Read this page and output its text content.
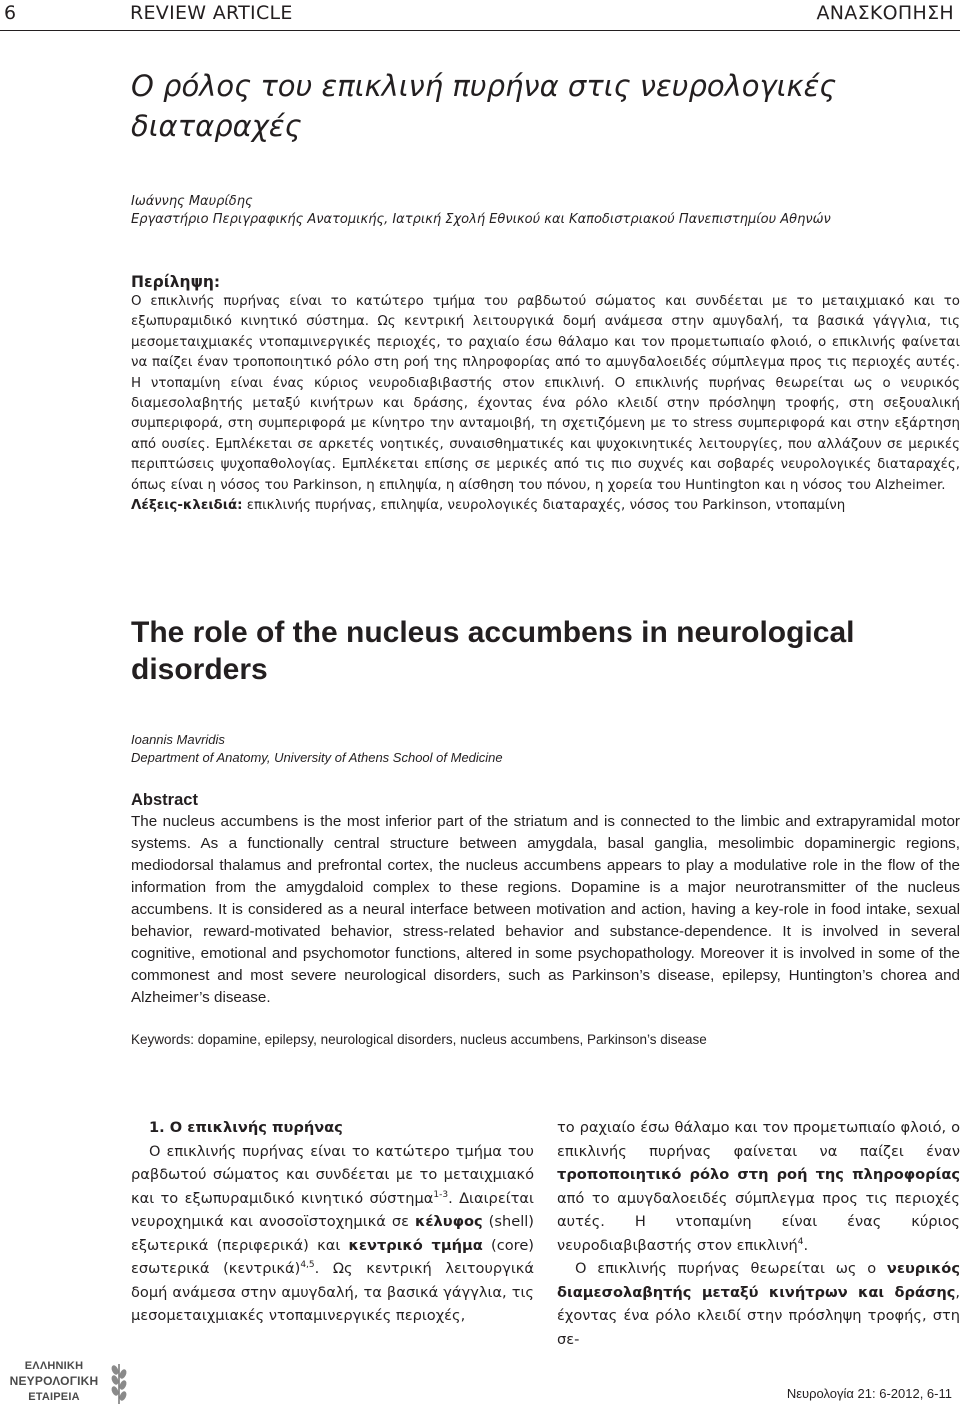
6	REVIEW ARTICLE	ΑΝΑΣΚΟΠΗΣΗ
Ο ρόλος του επικλινή πυρήνα στις νευρολογικές διαταραχές
Ιωάννης Μαυρίδης
Εργαστήριο Περιγραφικής Ανατομικής, Ιατρική Σχολή Εθνικού και Καποδιστριακού Πανεπιστημίου Αθηνών
Περίληψη:
Ο επικλινής πυρήνας είναι το κατώτερο τμήμα του ραβδωτού σώματος και συνδέεται με το μεταιχμιακό και το εξωπυραμιδικό κινητικό σύστημα. Ως κεντρική λειτουργικά δομή ανάμεσα στην αμυγδαλή, τα βασικά γάγγλια, τις μεσομεταιχμιακές ντοπαμινεργικές περιοχές, το ραχιαίο έσω θάλαμο και τον προμετωπιαίο φλοιό, ο επικλινής φαίνεται να παίζει έναν τροποποιητικό ρόλο στη ροή της πληροφορίας από το αμυγδαλοειδές σύμπλεγμα προς τις περιοχές αυτές. Η ντοπαμίνη είναι ένας κύριος νευροδιαβιβαστής στον επικλινή. Ο επικλινής πυρήνας θεωρείται ως ο νευρικός διαμεσολαβητής μεταξύ κινήτρων και δράσης, έχοντας ένα ρόλο κλειδί στην πρόσληψη τροφής, στη σεξουαλική συμπεριφορά, στη συμπεριφορά με κίνητρο την ανταμοιβή, τη σχετιζόμενη με το stress συμπεριφορά και στην εξάρτηση από ουσίες. Εμπλέκεται σε αρκετές νοητικές, συναισθηματικές και ψυχοκινητικές λειτουργίες, που αλλάζουν σε μερικές περιπτώσεις ψυχοπαθολογίας. Εμπλέκεται επίσης σε μερικές από τις πιο συχνές και σοβαρές νευρολογικές διαταραχές, όπως είναι η νόσος του Parkinson, η επιληψία, η αίσθηση του πόνου, η χορεία του Huntington και η νόσος του Alzheimer.
Λέξεις-κλειδιά: επικλινής πυρήνας, επιληψία, νευρολογικές διαταραχές, νόσος του Parkinson, ντοπαμίνη
The role of the nucleus accumbens in neurological disorders
Ioannis Mavridis
Department of Anatomy, University of Athens School of Medicine
Abstract
The nucleus accumbens is the most inferior part of the striatum and is connected to the limbic and extrapyramidal motor systems. As a functionally central structure between amygdala, basal ganglia, mesolimbic dopaminergic regions, mediodorsal thalamus and prefrontal cortex, the nucleus accumbens appears to play a modulative role in the flow of the information from the amygdaloid complex to these regions. Dopamine is a major neurotransmitter of the nucleus accumbens. It is considered as a neural interface between motivation and action, having a key-role in food intake, sexual behavior, reward-motivated behavior, stress-related behavior and substance-dependence. It is involved in several cognitive, emotional and psychomotor functions, altered in some psychopathology. Moreover it is involved in some of the commonest and most severe neurological disorders, such as Parkinson’s disease, epilepsy, Huntington’s chorea and Alzheimer’s disease.
Keywords: dopamine, epilepsy, neurological disorders, nucleus accumbens, Parkinson’s disease
1. Ο επικλινής πυρήνας

Ο επικλινής πυρήνας είναι το κατώτερο τμήμα του ραβδωτού σώματος και συνδέεται με το μεταιχμιακό και το εξωπυραμιδικό κινητικό σύστημα$^{1-3}$. Διαιρείται νευροχημικά και ανοσοϊστοχημικά σε κέλυφος (shell) εξωτερικά (περιφερικά) και κεντρικό τμήμα (core) εσωτερικά $(\kappa\varepsilon\nu\tau\rho\iota\kappa ά)^{4,5}$. Ως κεντρική λειτουργικά δομή ανάμεσα στην αμυγδαλή, τα βασικά γάγγλια, τις μεσομεταιχμιακές ντοπαμινεργικές περιοχές,

το ραχιαίο έσω θάλαμο και τον προμετωπιαίο φλοιό, ο επικλινής πυρήνας φαίνεται να παίζει έναν τροποποιητικό ρόλο στη ροή της πληροφορίας από το αμυγδαλοειδές σύμπλεγμα προς τις περιοχές αυτές. Η ντοπαμίνη είναι ένας κύριος νευροδιαβιβαστής στον επικλινή$^4$.

Ο επικλινής πυρήνας θεωρείται ως ο νευρικός διαμεσολαβητής μεταξύ κινήτρων και δράσης, έχοντας ένα ρόλο κλειδί στην πρόσληψη τροφής, στη σε-

ΕΛΛΗΝΙΚΗ
ΝΕΥΡΟΛΟΓΙΚΗ
ΕΤΑΙΡΕΙΑ	Νευρολογία 21: 6-2012, 6-11
